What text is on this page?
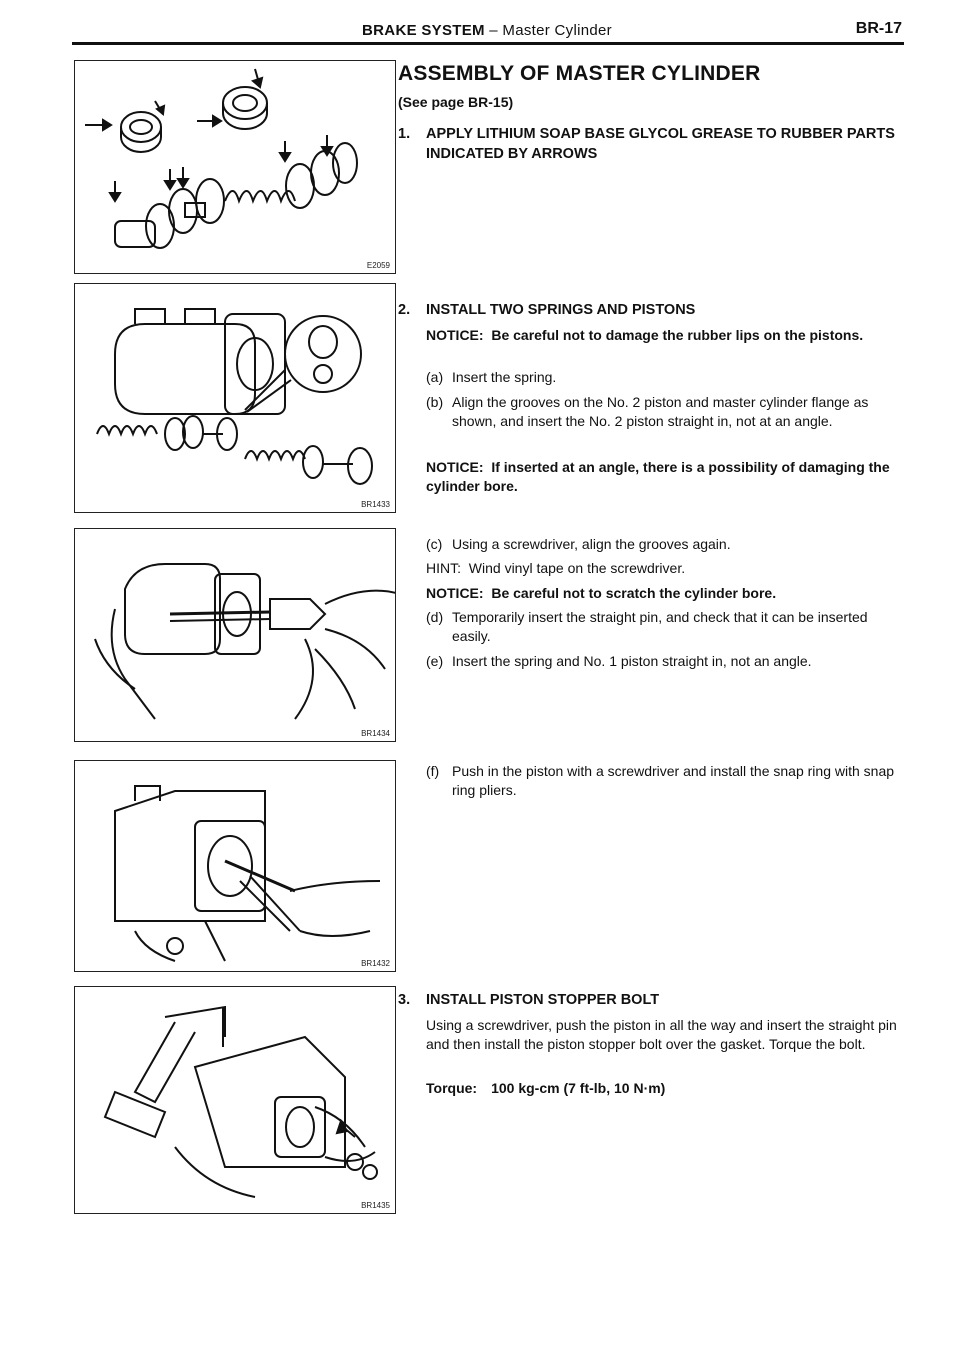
BRAKE SYSTEM – Master Cylinder	BR-17
E2059
BR1433
BR1434
BR1432
BR1435
ASSEMBLY OF MASTER CYLINDER
(See page BR-15)
1. APPLY LITHIUM SOAP BASE GLYCOL GREASE TO RUBBER PARTS INDICATED BY ARROWS
2. INSTALL TWO SPRINGS AND PISTONS
NOTICE: Be careful not to damage the rubber lips on the pistons.
(a) Insert the spring.
(b) Align the grooves on the No. 2 piston and master cylinder flange as shown, and insert the No. 2 piston straight in, not at an angle.
NOTICE: If inserted at an angle, there is a possibility of damaging the cylinder bore.
(c) Using a screwdriver, align the grooves again.
HINT: Wind vinyl tape on the screwdriver.
NOTICE: Be careful not to scratch the cylinder bore.
(d) Temporarily insert the straight pin, and check that it can be inserted easily.
(e) Insert the spring and No. 1 piston straight in, not an angle.
(f) Push in the piston with a screwdriver and install the snap ring with snap ring pliers.
3. INSTALL PISTON STOPPER BOLT
Using a screwdriver, push the piston in all the way and insert the straight pin and then install the piston stopper bolt over the gasket. Torque the bolt.
Torque: 100 kg-cm (7 ft-lb, 10 N·m)
